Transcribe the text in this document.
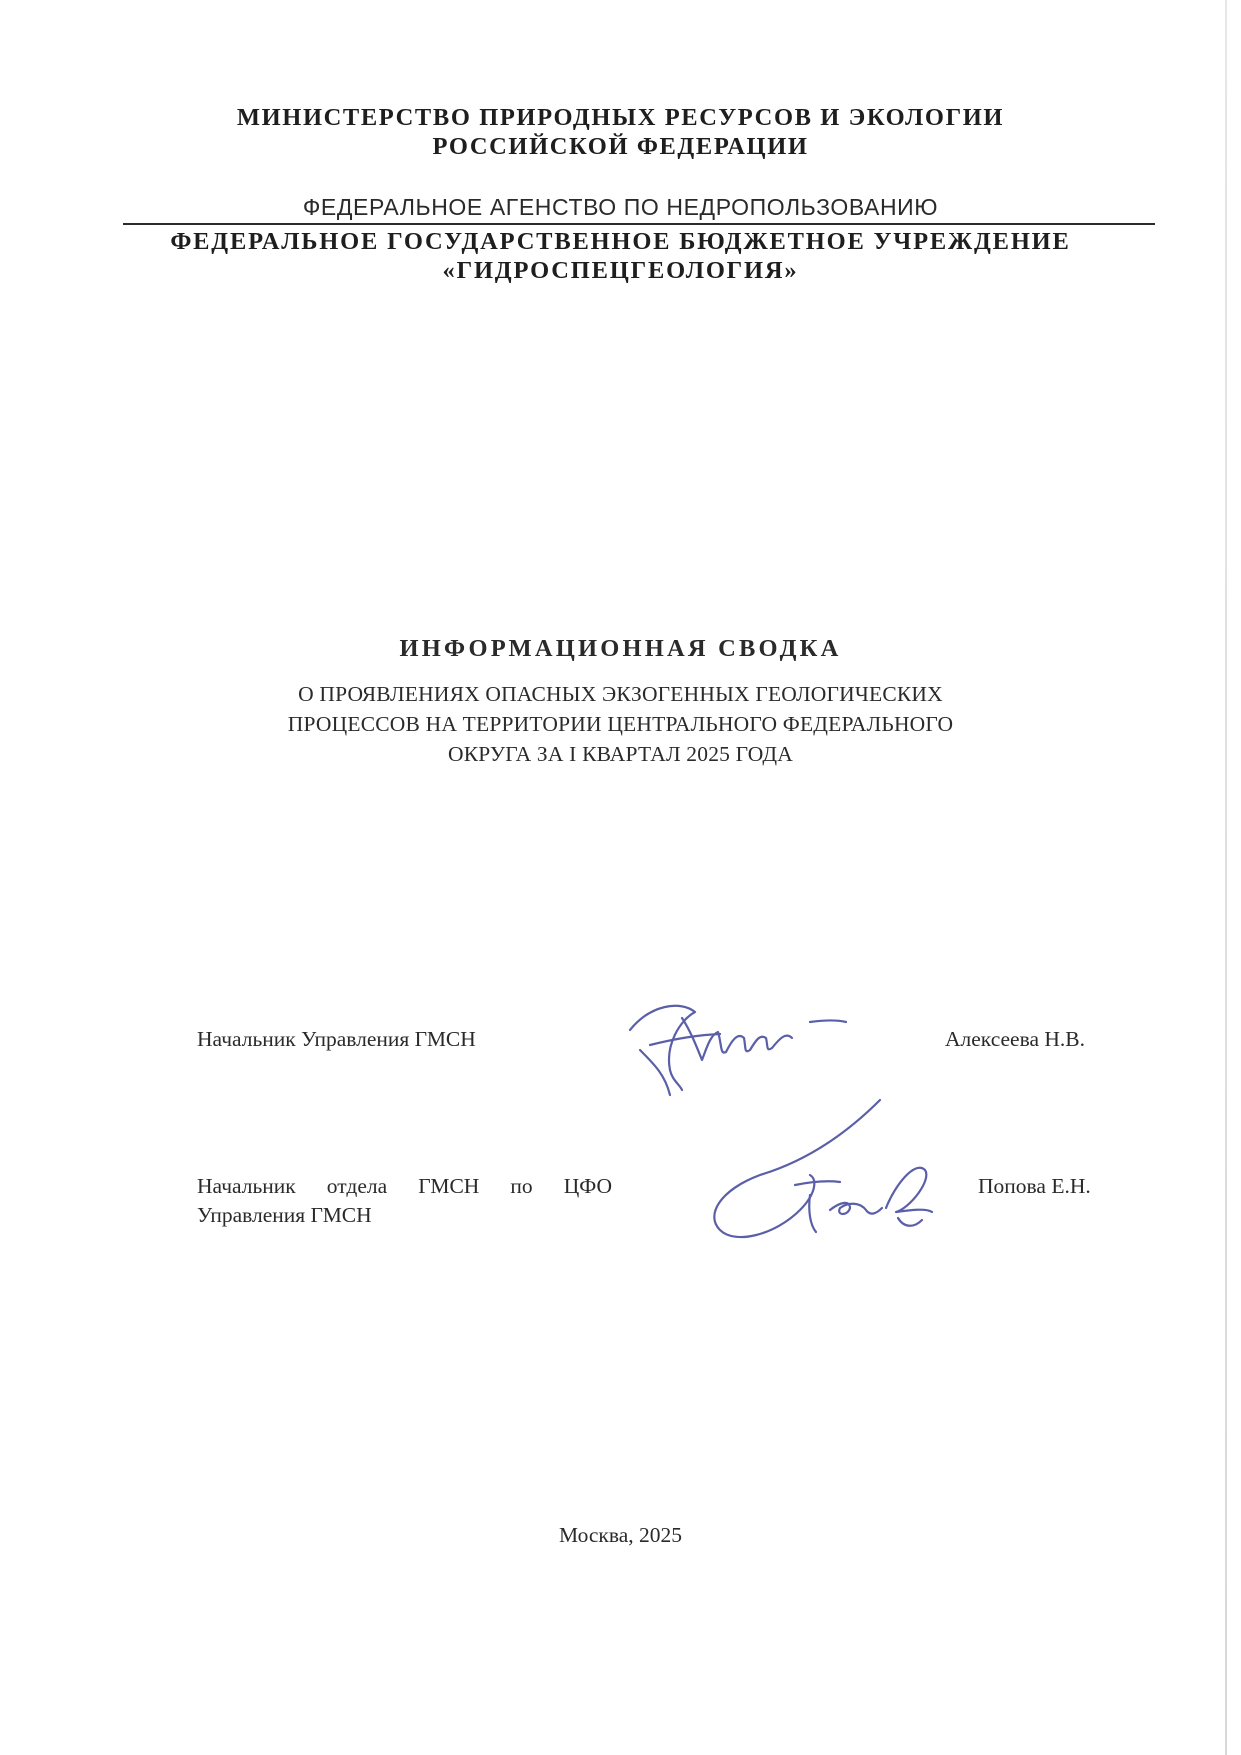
МИНИСТЕРСТВО ПРИРОДНЫХ РЕСУРСОВ И ЭКОЛОГИИ
РОССИЙСКОЙ ФЕДЕРАЦИИ
ФЕДЕРАЛЬНОЕ АГЕНСТВО ПО НЕДРОПОЛЬЗОВАНИЮ
ФЕДЕРАЛЬНОЕ ГОСУДАРСТВЕННОЕ БЮДЖЕТНОЕ УЧРЕЖДЕНИЕ
«ГИДРОСПЕЦГЕОЛОГИЯ»
ИНФОРМАЦИОННАЯ СВОДКА
О ПРОЯВЛЕНИЯХ ОПАСНЫХ ЭКЗОГЕННЫХ ГЕОЛОГИЧЕСКИХ
ПРОЦЕССОВ НА ТЕРРИТОРИИ ЦЕНТРАЛЬНОГО ФЕДЕРАЛЬНОГО
ОКРУГА ЗА I КВАРТАЛ 2025 ГОДА
Начальник Управления ГМСН	Алексеева Н.В.
Начальник отдела ГМСН по ЦФО
Управления ГМСН
Попова Е.Н.
Москва, 2025
